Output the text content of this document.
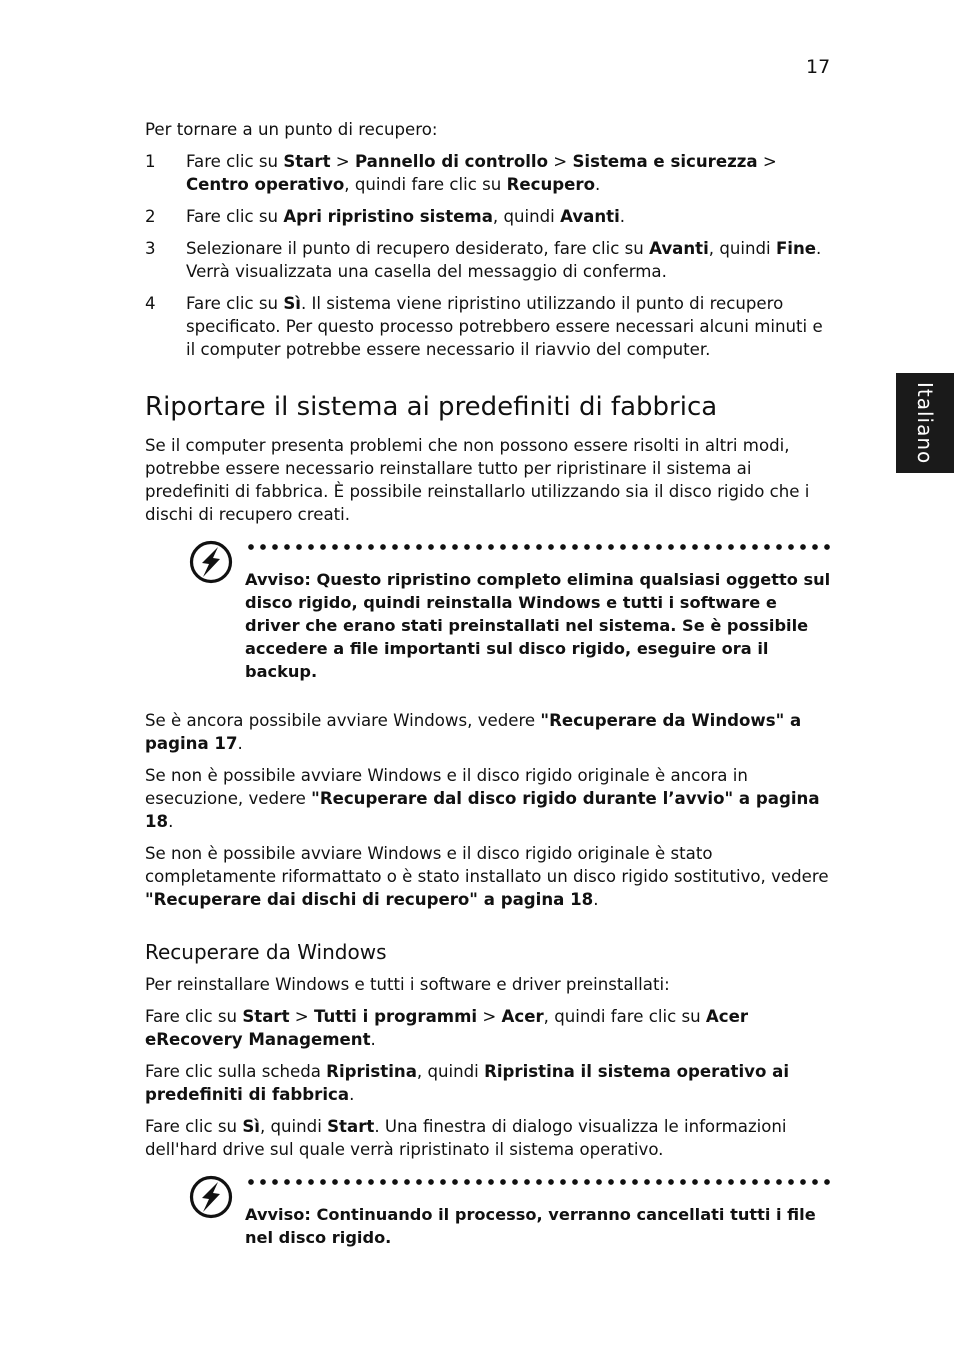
17
Italiano

Per tornare a un punto di recupero:

1	Fare clic su Start > Pannello di controllo > Sistema e sicurezza > Centro operativo, quindi fare clic su Recupero.
2	Fare clic su Apri ripristino sistema, quindi Avanti.
3	Selezionare il punto di recupero desiderato, fare clic su Avanti, quindi Fine. Verrà visualizzata una casella del messaggio di conferma.
4	Fare clic su Sì. Il sistema viene ripristino utilizzando il punto di recupero specificato. Per questo processo potrebbero essere necessari alcuni minuti e il computer potrebbe essere necessario il riavvio del computer.
Riportare il sistema ai predefiniti di fabbrica

Se il computer presenta problemi che non possono essere risolti in altri modi, potrebbe essere necessario reinstallare tutto per ripristinare il sistema ai predefiniti di fabbrica. È possibile reinstallarlo utilizzando sia il disco rigido che i dischi di recupero creati.

Avviso: Questo ripristino completo elimina qualsiasi oggetto sul disco rigido, quindi reinstalla Windows e tutti i software e driver che erano stati preinstallati nel sistema. Se è possibile accedere a file importanti sul disco rigido, eseguire ora il backup.

Se è ancora possibile avviare Windows, vedere "Recuperare da Windows" a pagina 17.

Se non è possibile avviare Windows e il disco rigido originale è ancora in esecuzione, vedere "Recuperare dal disco rigido durante l’avvio" a pagina 18.

Se non è possibile avviare Windows e il disco rigido originale è stato completamente riformattato o è stato installato un disco rigido sostitutivo, vedere "Recuperare dai dischi di recupero" a pagina 18.

Recuperare da Windows

Per reinstallare Windows e tutti i software e driver preinstallati:

Fare clic su Start > Tutti i programmi > Acer, quindi fare clic su Acer eRecovery Management.

Fare clic sulla scheda Ripristina, quindi Ripristina il sistema operativo ai predefiniti di fabbrica.

Fare clic su Sì, quindi Start. Una finestra di dialogo visualizza le informazioni dell'hard drive sul quale verrà ripristinato il sistema operativo.

Avviso: Continuando il processo, verranno cancellati tutti i file nel disco rigido.
